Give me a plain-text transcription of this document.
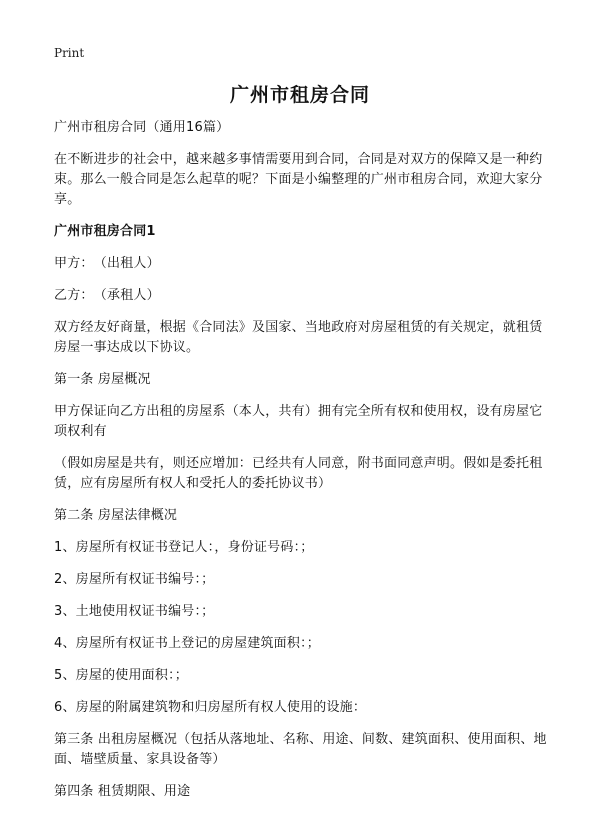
Print
广州市租房合同

广州市租房合同（通用16篇）

在不断进步的社会中，越来越多事情需要用到合同，合同是对双方的保障又是一种约束。那么一般合同是怎么起草的呢？下面是小编整理的广州市租房合同，欢迎大家分享。

广州市租房合同1

甲方：　（出租人）

乙方：　（承租人）

双方经友好商量，根据《合同法》及国家、当地政府对房屋租赁的有关规定，就租赁房屋一事达成以下协议。

第一条 房屋概况

甲方保证向乙方出租的房屋系（本人，共有）拥有完全所有权和使用权，设有房屋它项权利有

（假如房屋是共有，则还应增加：已经共有人同意，附书面同意声明。假如是委托租赁，应有房屋所有权人和受托人的委托协议书）

第二条 房屋法律概况

1、房屋所有权证书登记人：，身份证号码：；

2、房屋所有权证书编号：；

3、土地使用权证书编号：；

4、房屋所有权证书上登记的房屋建筑面积：；

5、房屋的使用面积：；

6、房屋的附属建筑物和归房屋所有权人使用的设施：

第三条 出租房屋概况（包括从落地址、名称、用途、间数、建筑面积、使用面积、地面、墙壁质量、家具设备等）

第四条 租赁期限、用途
